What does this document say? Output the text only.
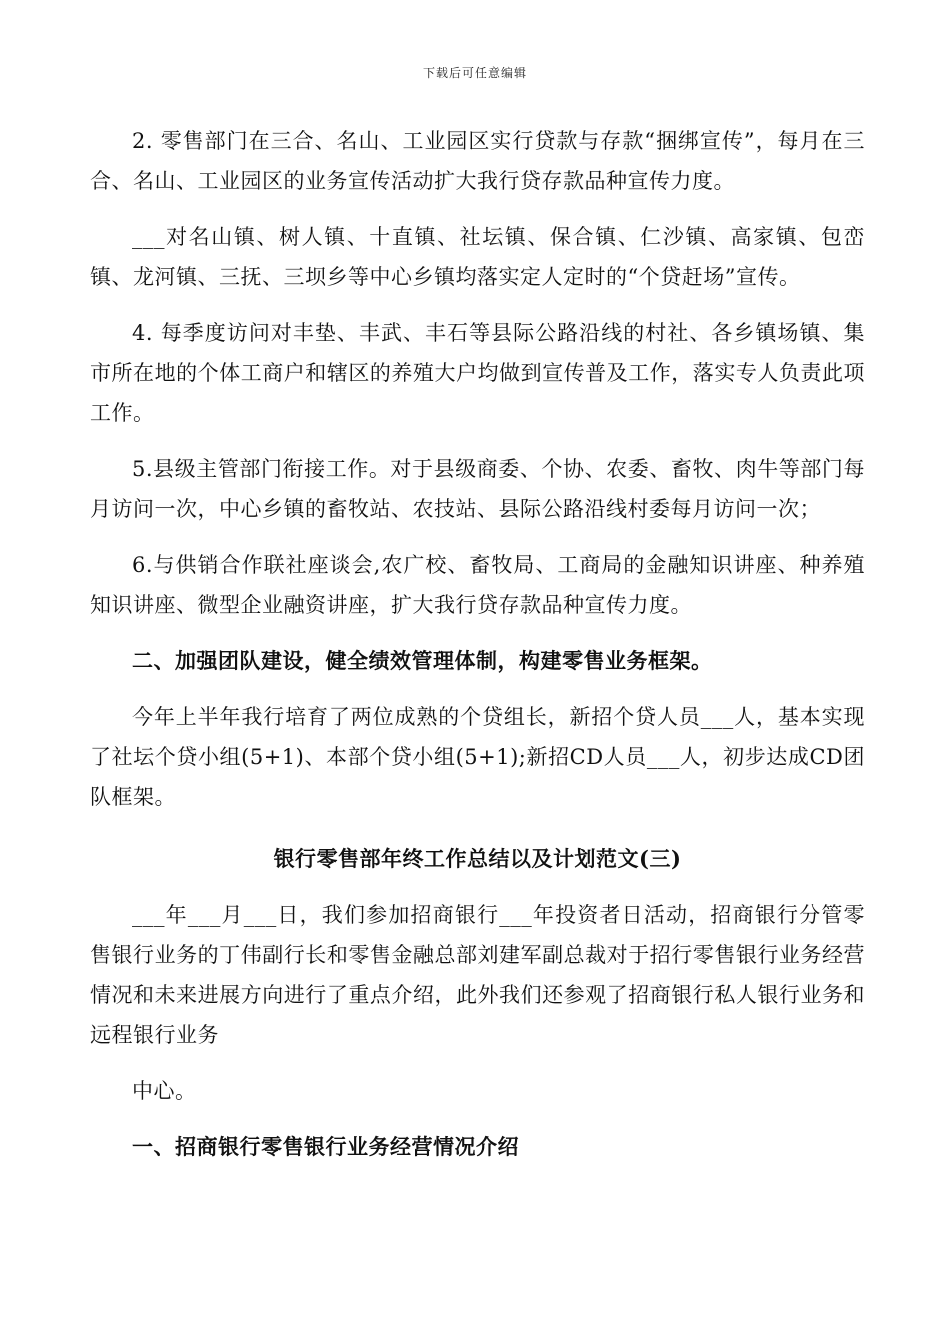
下载后可任意编辑

2. 零售部门在三合、名山、工业园区实行贷款与存款“捆绑宣传”，每月在三合、名山、工业园区的业务宣传活动扩大我行贷存款品种宣传力度。

___对名山镇、树人镇、十直镇、社坛镇、保合镇、仁沙镇、高家镇、包峦镇、龙河镇、三抚、三坝乡等中心乡镇均落实定人定时的“个贷赶场”宣传。

4. 每季度访问对丰垫、丰武、丰石等县际公路沿线的村社、各乡镇场镇、集市所在地的个体工商户和辖区的养殖大户均做到宣传普及工作，落实专人负责此项工作。

5.县级主管部门衔接工作。对于县级商委、个协、农委、畜牧、肉牛等部门每月访问一次，中心乡镇的畜牧站、农技站、县际公路沿线村委每月访问一次；

6.与供销合作联社座谈会,农广校、畜牧局、工商局的金融知识讲座、种养殖知识讲座、微型企业融资讲座，扩大我行贷存款品种宣传力度。

二、加强团队建设，健全绩效管理体制，构建零售业务框架。

今年上半年我行培育了两位成熟的个贷组长，新招个贷人员___人，基本实现了社坛个贷小组(5+1)、本部个贷小组(5+1);新招CD人员___人，初步达成CD团队框架。

银行零售部年终工作总结以及计划范文(三)

___年___月___日，我们参加招商银行___年投资者日活动，招商银行分管零售银行业务的丁伟副行长和零售金融总部刘建军副总裁对于招行零售银行业务经营情况和未来进展方向进行了重点介绍，此外我们还参观了招商银行私人银行业务和远程银行业务

中心。

一、招商银行零售银行业务经营情况介绍
